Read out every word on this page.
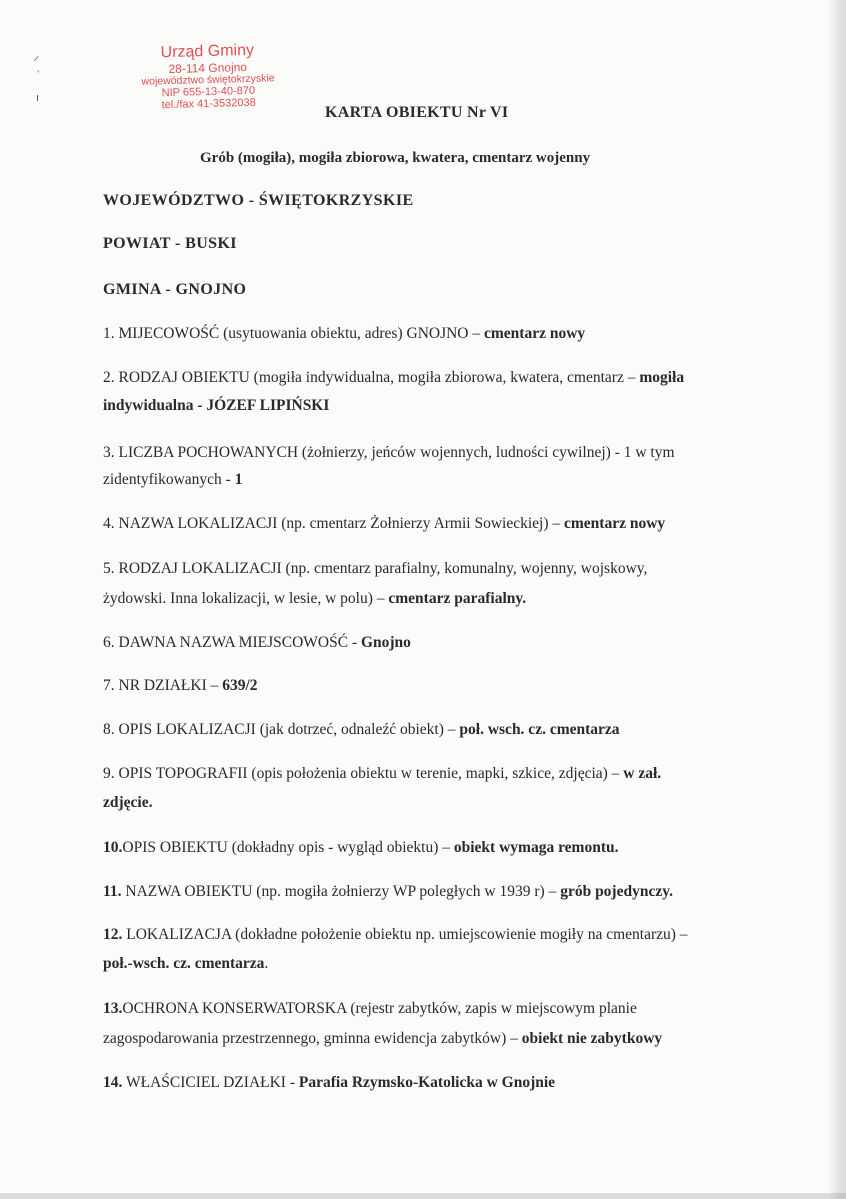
⸝
ˌ
ı
Urząd Gminy
28-114 Gnojno
województwo świętokrzyskie
NIP 655-13-40-870
tel./fax 41-3532038
KARTA OBIEKTU Nr VI
Grób (mogiła), mogiła zbiorowa, kwatera, cmentarz wojenny
WOJEWÓDZTWO - ŚWIĘTOKRZYSKIE
POWIAT - BUSKI
GMINA - GNOJNO
1. MIJECOWOŚĆ (usytuowania obiektu, adres) GNOJNO – cmentarz nowy
2. RODZAJ OBIEKTU (mogiła indywidualna, mogiła zbiorowa, kwatera, cmentarz – mogiła
indywidualna - JÓZEF LIPIŃSKI
3. LICZBA POCHOWANYCH (żołnierzy, jeńców wojennych, ludności cywilnej) - 1 w tym
zidentyfikowanych - 1
4. NAZWA LOKALIZACJI (np. cmentarz Żołnierzy Armii Sowieckiej) – cmentarz nowy
5. RODZAJ LOKALIZACJI (np. cmentarz parafialny, komunalny, wojenny, wojskowy,
żydowski. Inna lokalizacji, w lesie, w polu) – cmentarz parafialny.
6. DAWNA NAZWA MIEJSCOWOŚĆ - Gnojno
7. NR DZIAŁKI – 639/2
8. OPIS LOKALIZACJI (jak dotrzeć, odnaleźć obiekt) – poł. wsch. cz. cmentarza
9. OPIS TOPOGRAFII (opis położenia obiektu w terenie, mapki, szkice, zdjęcia) – w zał.
zdjęcie.
10.OPIS OBIEKTU (dokładny opis - wygląd obiektu) – obiekt wymaga remontu.
11. NAZWA OBIEKTU (np. mogiła żołnierzy WP poległych w 1939 r) – grób pojedynczy.
12. LOKALIZACJA (dokładne położenie obiektu np. umiejscowienie mogiły na cmentarzu) –
poł.-wsch. cz. cmentarza.
13.OCHRONA KONSERWATORSKA (rejestr zabytków, zapis w miejscowym planie
zagospodarowania przestrzennego, gminna ewidencja zabytków) – obiekt nie zabytkowy
14. WŁAŚCICIEL DZIAŁKI - Parafia Rzymsko-Katolicka w Gnojnie
